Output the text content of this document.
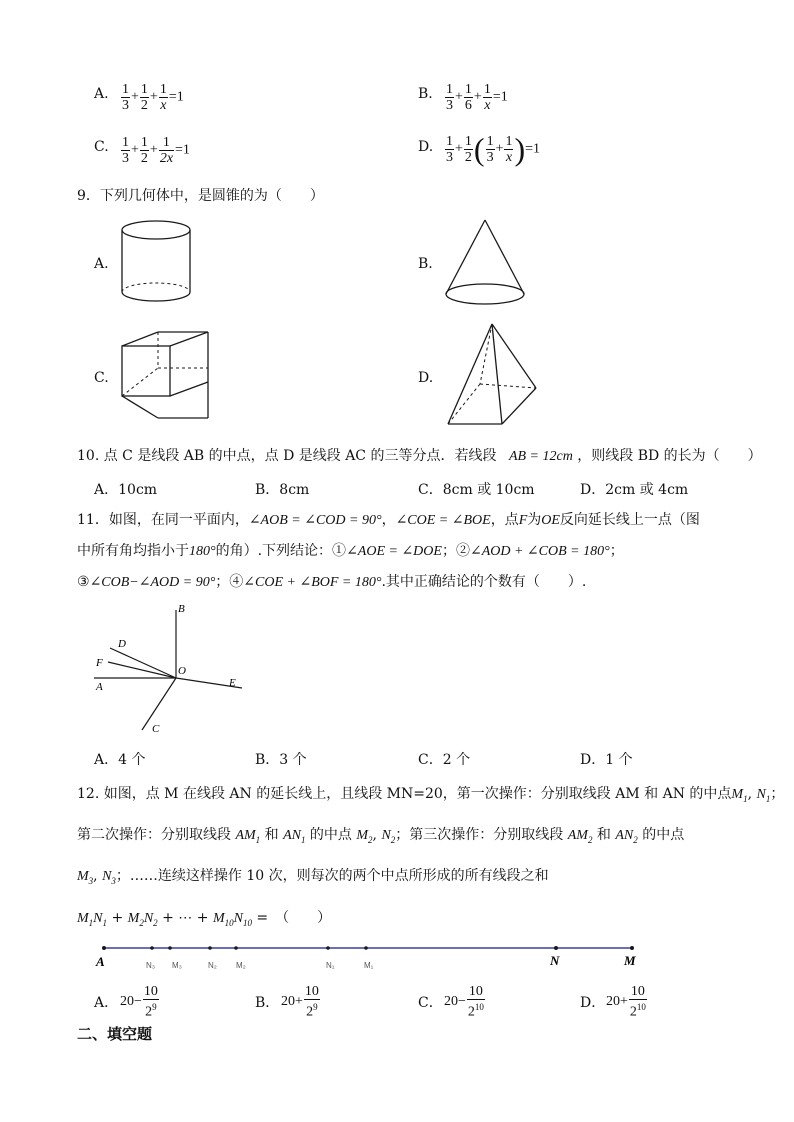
A. $\frac{1}{3} + \frac{1}{2} + \frac{1}{x} =1$	B. $\frac{1}{3} + \frac{1}{6} + \frac{1}{x} =1$
C. $\frac{1}{3} + \frac{1}{2} + \frac{1}{2x} =1$	D. $\frac{1}{3} + \frac{1}{2}$ ( $\frac{1}{3} + \frac{1}{x} )=1$
9．下列几何体中，是圆锥的为（　　）
A.	B.
C.	D.
10. 点 C 是线段 AB 的中点，点 D 是线段 AC 的三等分点．若线段 AB = 12cm ，则线段 BD 的长为（　　）
A．10cm	B．8cm	C．8cm 或 10cm	D．2cm 或 4cm
11．如图，在同一平面内，∠AOB = ∠COD = 90°，∠COE = ∠BOE，点F为OE反向延长线上一点（图
中所有角均指小于180°的角）.下列结论：①∠AOE = ∠DOE；②∠AOD + ∠COB = 180°；
③∠COB−∠AOD = 90°；④∠COE + ∠BOF = 180°.其中正确结论的个数有（　　）.
B
D
F
O
A	E
C
A．4 个	B．3 个	C．2 个	D．1 个
12. 如图，点 M 在线段 AN 的延长线上，且线段 MN=20，第一次操作：分别取线段 AM 和 AN 的中点$M_1$, $N_1$；
第二次操作：分别取线段 $AM_1$ 和 $AN_1$ 的中点 $M_2$, $N_2$；第三次操作：分别取线段 $AM_2$ 和 $AN_2$ 的中点
$M_3$, $N_3$；……连续这样操作 10 次，则每次的两个中点所形成的所有线段之和
$M_1N_1 + M_2N_2$ + ⋯ + $M_{10}N_{10}$ =　（　　）
A	N₃ M₃	N₂ M₂	N₁	M₁	N	M
A． $20- \frac{10}{2^9}$	B． $20+ \frac{10}{2^9}$	C． $20- \frac{10}{2^{10}}$	D． $20+ \frac{10}{2^{10}}$
二、填空题
